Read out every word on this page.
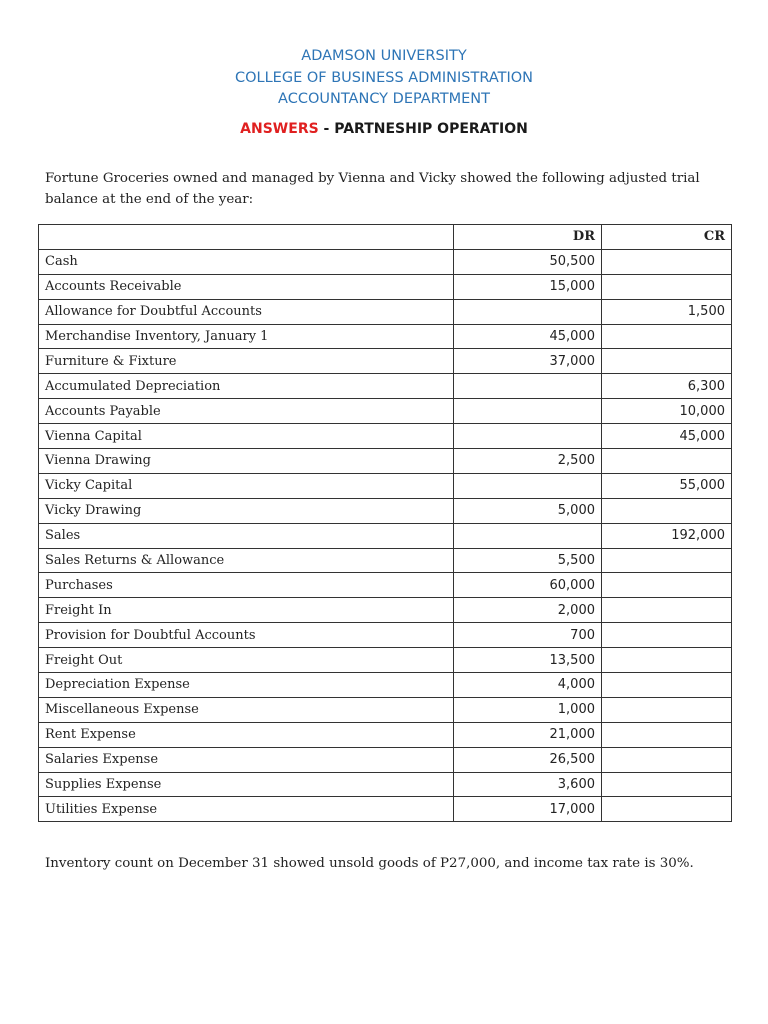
ADAMSON UNIVERSITY
COLLEGE OF BUSINESS ADMINISTRATION
ACCOUNTANCY DEPARTMENT
ANSWERS - PARTNESHIP OPERATION
Fortune Groceries owned and managed by Vienna and Vicky showed the following adjusted trial balance at the end of the year:
	DR	CR
Cash	50,500	
Accounts Receivable	15,000	
Allowance for Doubtful Accounts		1,500
Merchandise Inventory, January 1	45,000	
Furniture & Fixture	37,000	
Accumulated Depreciation		6,300
Accounts Payable		10,000
Vienna Capital		45,000
Vienna Drawing	2,500	
Vicky Capital		55,000
Vicky Drawing	5,000	
Sales		192,000
Sales Returns & Allowance	5,500	
Purchases	60,000	
Freight In	2,000	
Provision for Doubtful Accounts	700	
Freight Out	13,500	
Depreciation Expense	4,000	
Miscellaneous Expense	1,000	
Rent Expense	21,000	
Salaries Expense	26,500	
Supplies Expense	3,600	
Utilities Expense	17,000	
Inventory count on December 31 showed unsold goods of P27,000, and income tax rate is 30%.
